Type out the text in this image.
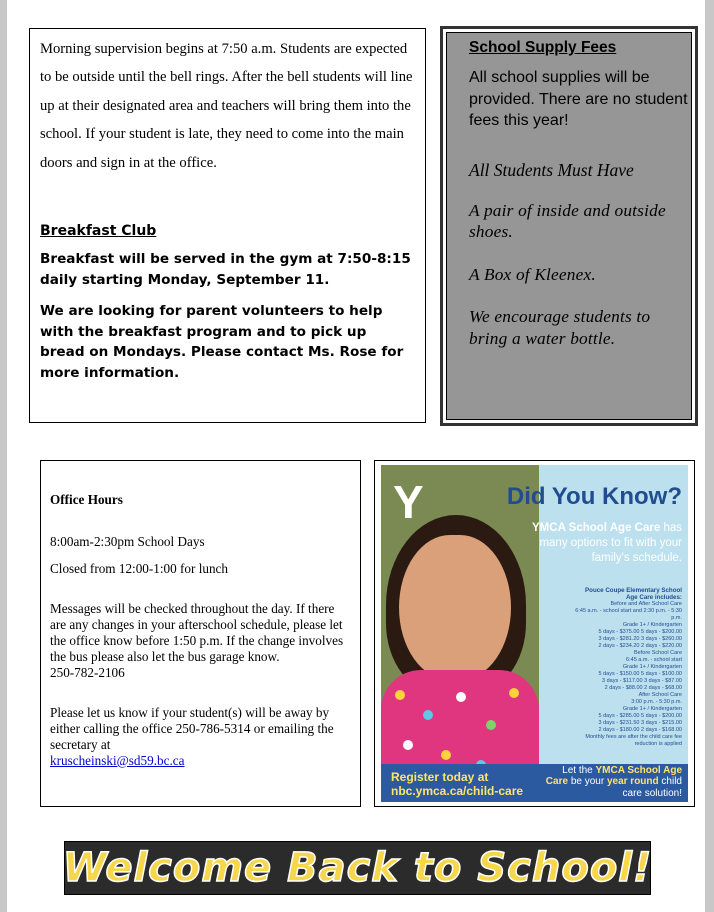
Morning supervision begins at 7:50 a.m. Students are expected to be outside until the bell rings. After the bell students will line up at their designated area and teachers will bring them into the school. If your student is late, they need to come into the main doors and sign in at the office.

Breakfast Club

Breakfast will be served in the gym at 7:50-8:15 daily starting Monday, September 11.

We are looking for parent volunteers to help with the breakfast program and to pick up bread on Mondays. Please contact Ms. Rose for more information.

School Supply Fees
All school supplies will be provided. There are no student fees this year!
All Students Must Have
A pair of inside and outside shoes.
A Box of Kleenex.
We encourage students to bring a water bottle.

Office Hours

8:00am-2:30pm School Days

Closed from 12:00-1:00 for lunch

Messages will be checked throughout the day. If there are any changes in your afterschool schedule, please let the office know before 1:50 p.m. If the change involves the bus please also let the bus garage know.
250-782-2106

Please let us know if your student(s) will be away by either calling the office 250-786-5314 or emailing the secretary at
kruscheinski@sd59.bc.ca

Y	Did You Know?
YMCA School Age Care has many options to fit with your family's schedule.
Pouce Coupe Elementary School Age Care includes:
Before and After School Care
6:45 a.m. - school start and 2:30 p.m. - 5:30 p.m.
Grade 1+ / Kindergarten
5 days - $375.00 5 days - $200.00
3 days - $281.20 3 days - $260.00
2 days - $234.20 2 days - $220.00
Before School Care
6:45 a.m. - school start
Grade 1+ / Kindergarten
5 days - $150.00 5 days - $100.00
3 days - $117.00 3 days - $87.00
2 days - $88.00 2 days - $68.00
After School Care
3:00 p.m. - 5:30 p.m.
Grade 1+ / Kindergarten
5 days - $285.00 5 days - $200.00
3 days - $231.50 3 days - $215.00
2 days - $180.00 2 days - $168.00
Monthly fees are after the child care fee reduction is applied
Register today at
nbc.ymca.ca/child-care
Let the YMCA School Age Care be your year round child care solution!
Welcome Back to School!
